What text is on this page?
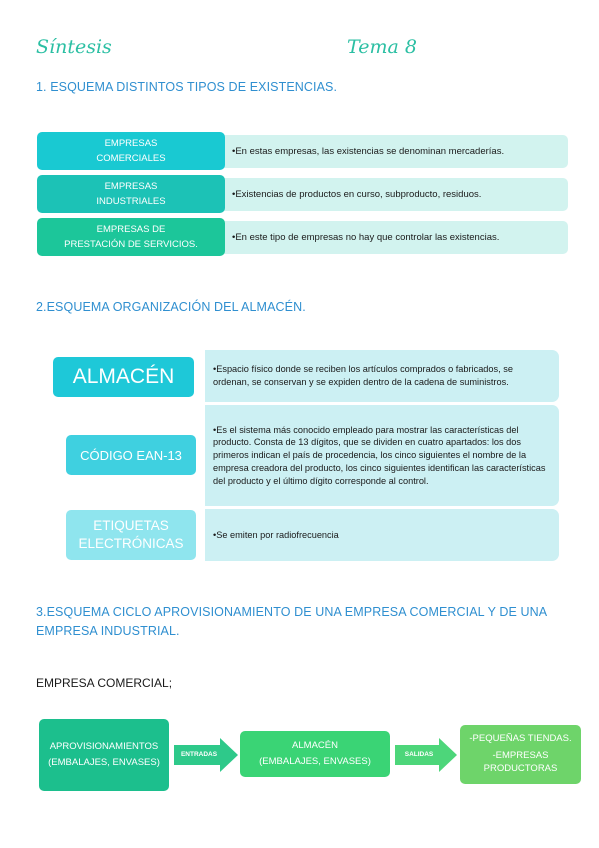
Síntesis	Tema 8
1. ESQUEMA DISTINTOS TIPOS DE EXISTENCIAS.
• En estas empresas, las existencias se denominan mercaderías.
EMPRESAS
COMERCIALES
• Existencias de productos en curso, subproducto, residuos.
EMPRESAS
INDUSTRIALES
• En este tipo de empresas no hay que controlar las existencias.
EMPRESAS DE
PRESTACIÓN DE SERVICIOS.
2.ESQUEMA ORGANIZACIÓN DEL ALMACÉN.
• Espacio físico donde se reciben los artículos comprados o fabricados, se ordenan, se conservan y se expiden dentro de la cadena de suministros.
• Es el sistema más conocido empleado para mostrar las características del producto. Consta de 13 dígitos, que se dividen en cuatro apartados: los dos primeros indican el país de procedencia, los cinco siguientes el nombre de la empresa creadora del producto, los cinco siguientes identifican las características del producto y el último dígito corresponde al control.
• Se emiten por radiofrecuencia
ALMACÉN
CÓDIGO EAN-13
ETIQUETAS
ELECTRÓNICAS
3.ESQUEMA CICLO APROVISIONAMIENTO DE UNA EMPRESA COMERCIAL Y DE UNA
EMPRESA INDUSTRIAL.
EMPRESA COMERCIAL;
APROVISIONAMIENTOS
(EMBALAJES, ENVASES)
ENTRADAS
ALMACÉN
(EMBALAJES, ENVASES)
SALIDAS
-PEQUEÑAS TIENDAS.
-EMPRESAS
PRODUCTORAS
